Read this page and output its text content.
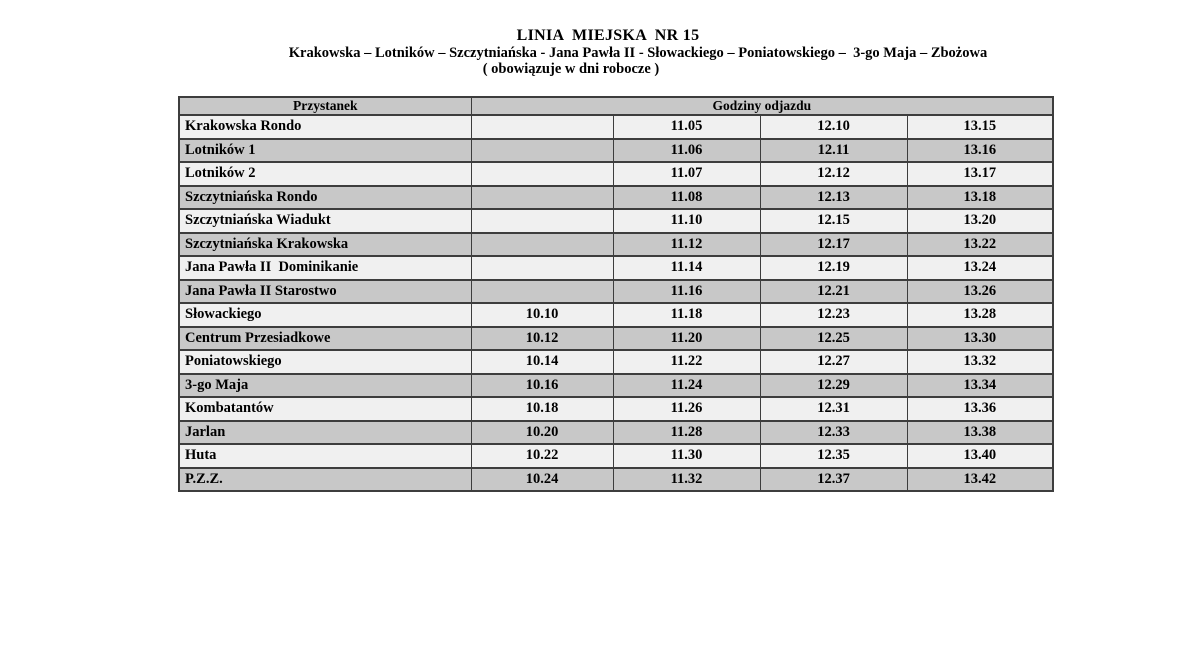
LINIA  MIEJSKA  NR 15
Krakowska – Lotników – Szczytniańska - Jana Pawła II - Słowackiego – Poniatowskiego –  3-go Maja – Zbożowa
( obowiązuje w dni robocze )
Przystanek	Godziny odjazdu			
Krakowska Rondo		11.05	12.10	13.15
Lotników 1		11.06	12.11	13.16
Lotników 2		11.07	12.12	13.17
Szczytniańska Rondo		11.08	12.13	13.18
Szczytniańska Wiadukt		11.10	12.15	13.20
Szczytniańska Krakowska		11.12	12.17	13.22
Jana Pawła II  Dominikanie		11.14	12.19	13.24
Jana Pawła II Starostwo		11.16	12.21	13.26
Słowackiego	10.10	11.18	12.23	13.28
Centrum Przesiadkowe	10.12	11.20	12.25	13.30
Poniatowskiego	10.14	11.22	12.27	13.32
3-go Maja	10.16	11.24	12.29	13.34
Kombatantów	10.18	11.26	12.31	13.36
Jarlan	10.20	11.28	12.33	13.38
Huta	10.22	11.30	12.35	13.40
P.Z.Z.	10.24	11.32	12.37	13.42
